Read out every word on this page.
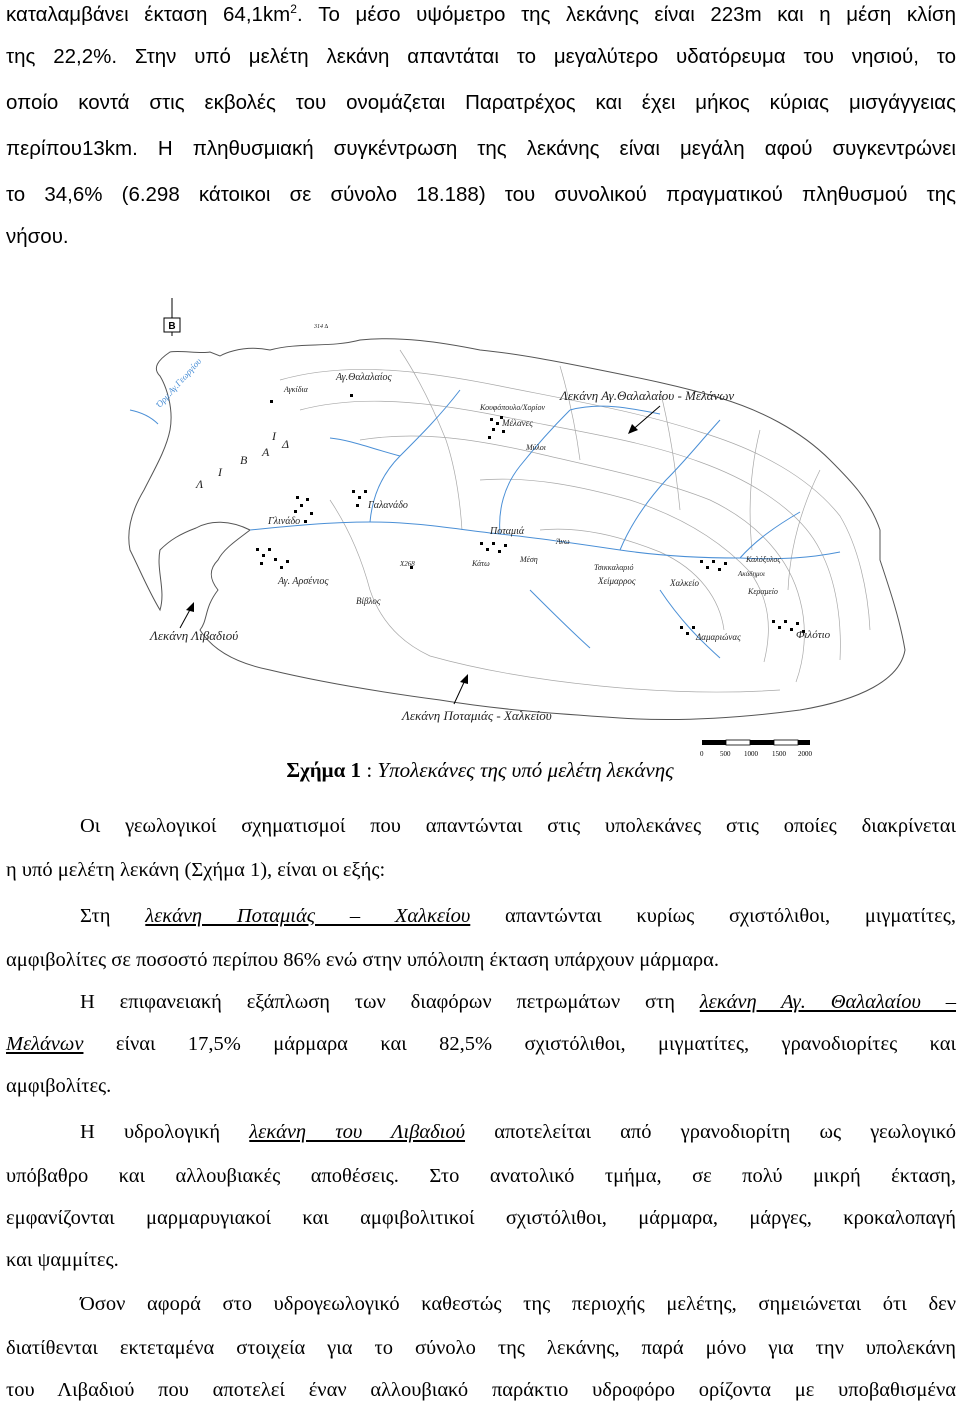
καταλαμβάνει έκταση $64,1km^2$. Το μέσο υψόμετρο της λεκάνης είναι 223m και η μέση κλίση
της 22,2%. Στην υπό μελέτη λεκάνη απαντάται το μεγαλύτερο υδατόρευμα του νησιού, το
οποίο κοντά στις εκβολές του ονομάζεται Παρατρέχος και έχει μήκος κύριας μισγάγγειας
περίπου13km. Η πληθυσμιακή συγκέντρωση της λεκάνης είναι μεγάλη αφού συγκεντρώνει
το 34,6% (6.298 κάτοικοι σε σύνολο 18.188) του συνολικού πραγματικού πληθυσμού της
νήσου.
Β	314 ∆
Όρμ.Αγ.Γεωργίου
Λ
Ι
Β
Α
Δ
Ι
Αγ.Θαλαλαίος
Αγκίδια
Κουφόπουλο/Χορίον
Μέλανες
Μύλοι
Γαλανάδο
Γλινάδο
Αγ. Αρσένιος
Βίβλος
Ποταμιά
Άνω
Κάτω	Μέση
Χ268	Τσικκαλαριό
Χείμαρρος	Χαλκείο
Καλόξυλος
Ακάδημοι
Κεραμείο
Δαμαριώνας	Φιλότιο
Λεκάνη Αγ.Θαλαλαίου - Μελάνων
Λεκάνη Λιβαδιού
Λεκάνη Ποταμιάς - Χαλκείου
0 500 1000 1500 2000
Σχήμα 1 : Υπολεκάνες της υπό μελέτη λεκάνης
Οι γεωλογικοί σχηματισμοί που απαντώνται στις υπολεκάνες στις οποίες διακρίνεται
η υπό μελέτη λεκάνη (Σχήμα 1), είναι οι εξής:
Στη λεκάνη Ποταμιάς – Χαλκείου απαντώνται κυρίως σχιστόλιθοι, μιγματίτες,
αμφιβολίτες σε ποσοστό περίπου 86% ενώ στην υπόλοιπη έκταση υπάρχουν μάρμαρα.
Η επιφανειακή εξάπλωση των διαφόρων πετρωμάτων στη λεκάνη Αγ. Θαλαλαίου –
Μελάνων είναι 17,5% μάρμαρα και 82,5% σχιστόλιθοι, μιγματίτες, γρανοδιορίτες και
αμφιβολίτες.
Η υδρολογική λεκάνη του Λιβαδιού αποτελείται από γρανοδιορίτη ως γεωλογικό
υπόβαθρο και αλλουβιακές αποθέσεις. Στο ανατολικό τμήμα, σε πολύ μικρή έκταση,
εμφανίζονται μαρμαρυγιακοί και αμφιβολιτικοί σχιστόλιθοι, μάρμαρα, μάργες, κροκαλοπαγή
και ψαμμίτες.
Όσον αφορά στο υδρογεωλογικό καθεστώς της περιοχής μελέτης, σημειώνεται ότι δεν
διατίθενται εκτεταμένα στοιχεία για το σύνολο της λεκάνης, παρά μόνο για την υπολεκάνη
του Λιβαδιού που αποτελεί έναν αλλουβιακό παράκτιο υδροφόρο ορίζοντα με υποβαθισμένα
